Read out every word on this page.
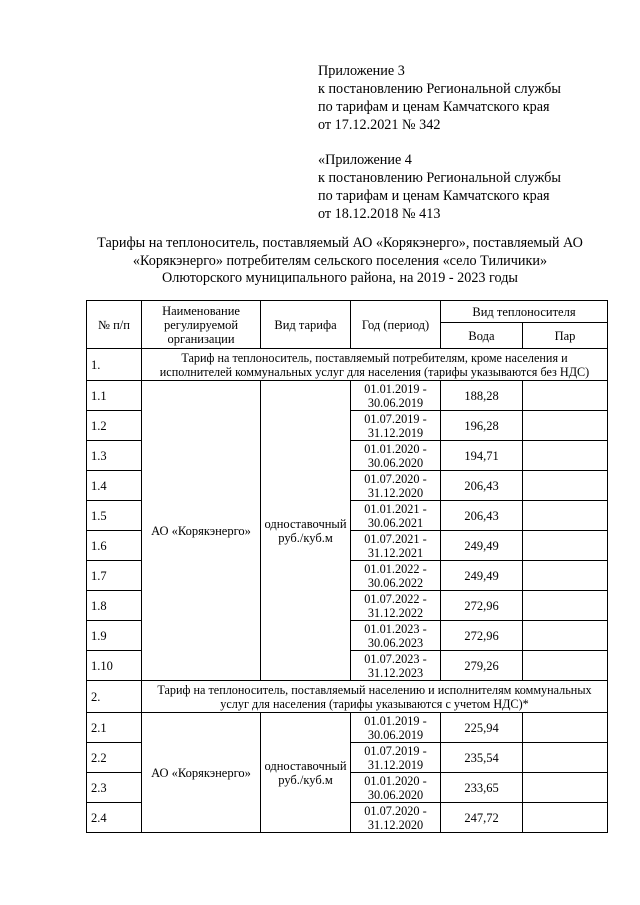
Приложение 3
к постановлению Региональной службы
по тарифам и ценам Камчатского края
от 17.12.2021 № 342
«Приложение 4
к постановлению Региональной службы
по тарифам и ценам Камчатского края
от 18.12.2018 № 413
Тарифы на теплоноситель, поставляемый АО «Корякэнерго», поставляемый АО
«Корякэнерго» потребителям сельского поселения «село Тиличики»
Олюторского муниципального района, на 2019 - 2023 годы
№ п/п	Наименование регулируемой организации	Вид тарифа	Год (период)	Вид теплоносителя	
				Вода	Пар
1.	Тариф на теплоноситель, поставляемый потребителям, кроме населения и исполнителей коммунальных услуг для населения (тарифы указываются без НДС)				
1.1	АО «Корякэнерго»	одноставочный руб./куб.м	01.01.2019 -
30.06.2019	188,28	
1.2			01.07.2019 -
31.12.2019	196,28	
1.3			01.01.2020 -
30.06.2020	194,71	
1.4			01.07.2020 -
31.12.2020	206,43	
1.5			01.01.2021 -
30.06.2021	206,43	
1.6			01.07.2021 -
31.12.2021	249,49	
1.7			01.01.2022 -
30.06.2022	249,49	
1.8			01.07.2022 -
31.12.2022	272,96	
1.9			01.01.2023 -
30.06.2023	272,96	
1.10			01.07.2023 -
31.12.2023	279,26	
2.	Тариф на теплоноситель, поставляемый населению и исполнителям коммунальных услуг для населения (тарифы указываются с учетом НДС)*				
2.1	АО «Корякэнерго»	одноставочный руб./куб.м	01.01.2019 -
30.06.2019	225,94	
2.2			01.07.2019 -
31.12.2019	235,54	
2.3			01.01.2020 -
30.06.2020	233,65	
2.4			01.07.2020 -
31.12.2020	247,72	
